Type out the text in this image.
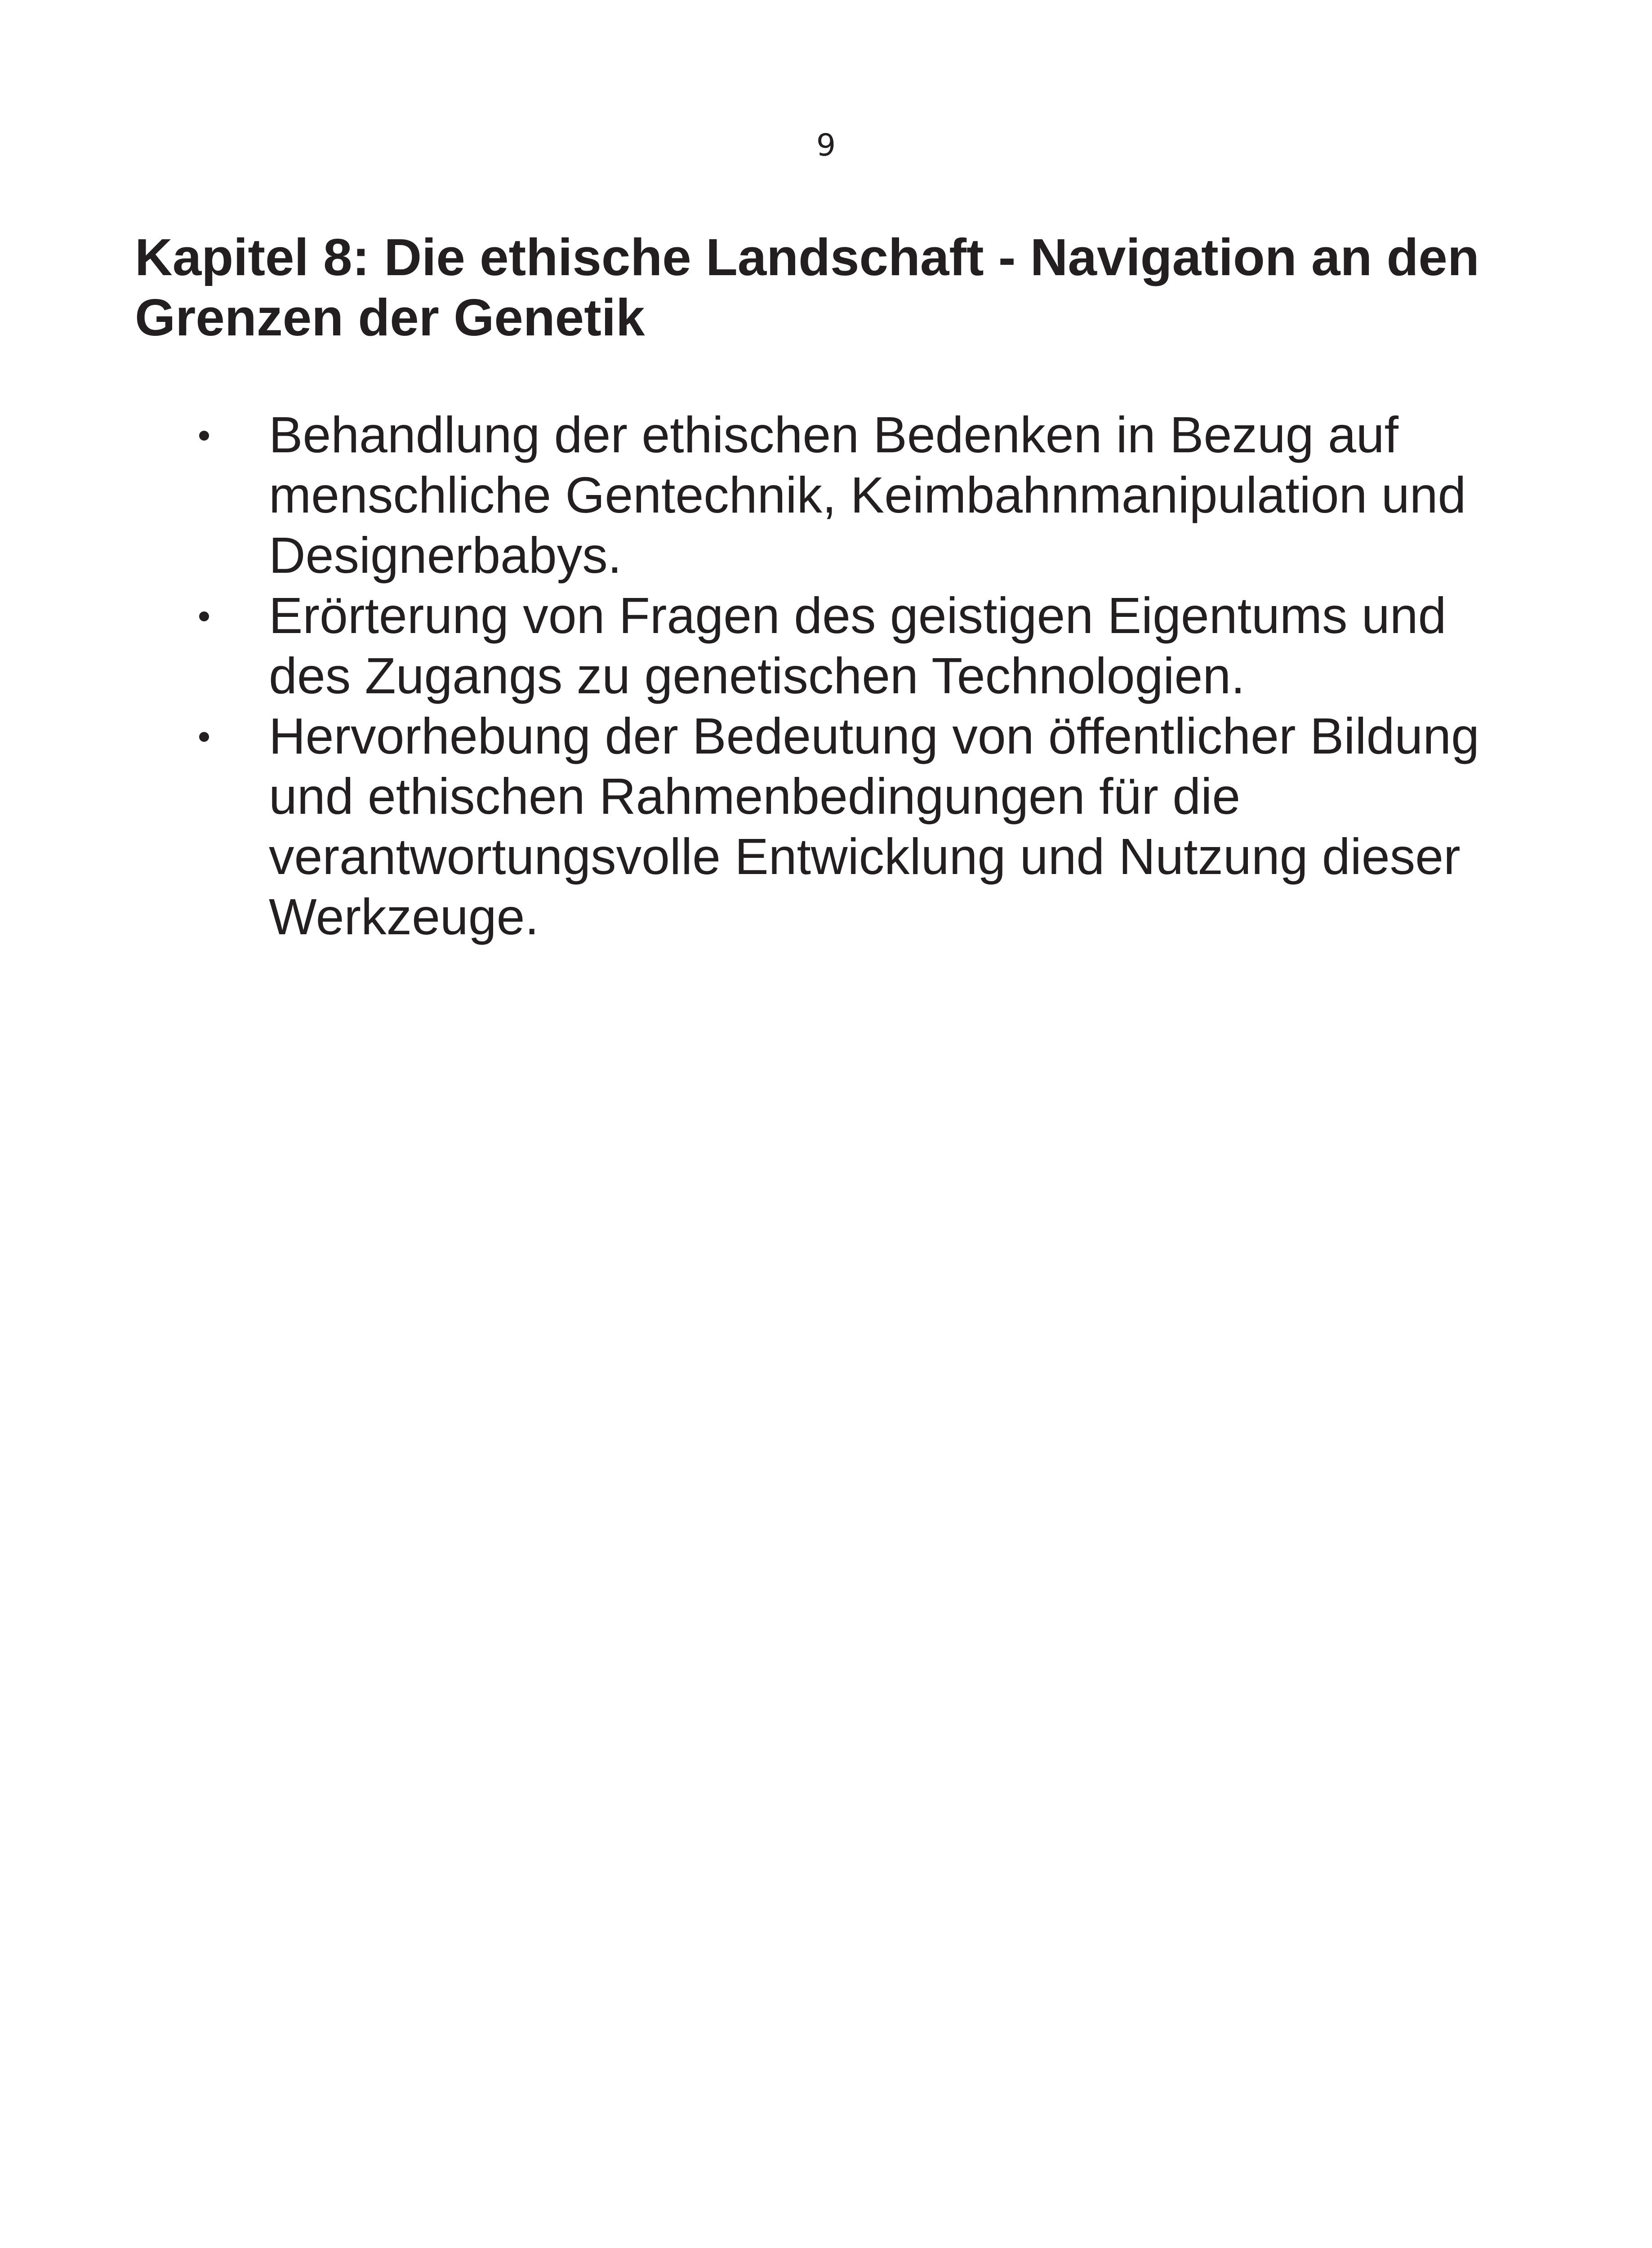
9
Kapitel 8: Die ethische Landschaft - Navigation an den Grenzen der Genetik
Behandlung der ethischen Bedenken in Bezug auf menschliche Gentechnik, Keimbahnmanipulation und Designerbabys.
Erörterung von Fragen des geistigen Eigentums und des Zugangs zu genetischen Technologien.
Hervorhebung der Bedeutung von öffentlicher Bildung und ethischen Rahmenbedingungen für die verantwortungsvolle Entwicklung und Nutzung dieser Werkzeuge.
